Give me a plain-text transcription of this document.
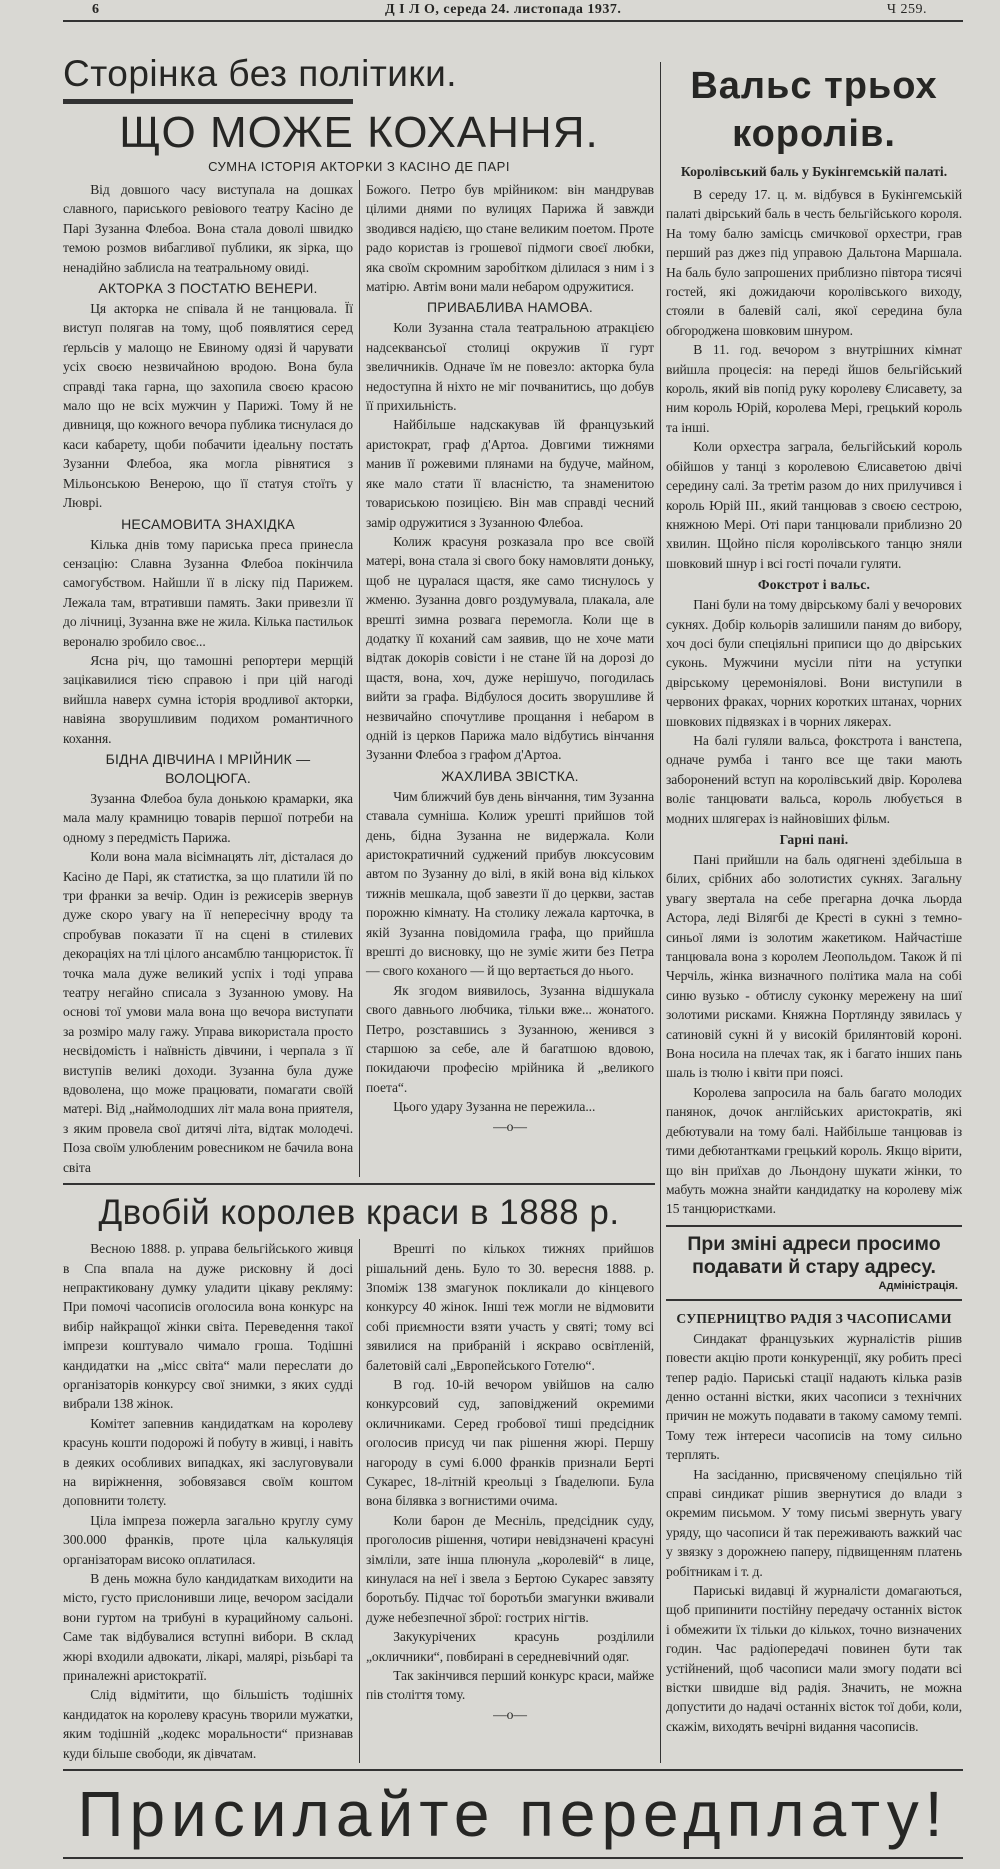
6	Д І Л О, середа 24. листопада 1937.	Ч 259.
Сторінка без політики.
ЩО МОЖЕ КОХАННЯ.
СУМНА ІСТОРІЯ АКТОРКИ З КАСІНО ДЕ ПАРІ

Від довшого часу виступала на дошках славного, париського ревіового театру Касіно де Парі Зузанна Флебоа. Вона стала доволі швидко темою розмов вибагливої публики, як зірка, що ненадійно заблисла на театральному овиді.

АКТОРКА З ПОСТАТЮ ВЕНЕРИ.

Ця акторка не співала й не танцювала. Її виступ полягав на тому, щоб появлятися серед ґерльсів у малощо не Евиному одязі й чарувати усіх своєю незвичайною вродою. Вона була справді така гарна, що захопила своєю красою мало що не всіх мужчин у Парижі. Тому й не дивниця, що кожного вечора публика тиснулася до каси кабарету, щоби побачити ідеальну постать Зузанни Флебоа, яка могла рівнятися з Мільонською Венерою, що її статуя стоїть у Люврі.

НЕСАМОВИТА ЗНАХІДКА

Кілька днів тому париська преса принесла сензацію: Славна Зузанна Флебоа покінчила самогубством. Найшли її в ліску під Парижем. Лежала там, втративши память. Заки привезли її до лічниці, Зузанна вже не жила. Кілька пастильок вероналю зробило своє...

Ясна річ, що тамошні репортери мерщій зацікавилися тією справою і при цій нагоді вийшла наверх сумна історія вродливої акторки, навіяна зворушливим подихом романтичного кохання.

БІДНА ДІВЧИНА І МРІЙНИК — ВОЛОЦЮГА.

Зузанна Флебоа була донькою крамарки, яка мала малу крамницю товарів першої потреби на одному з передмість Парижа.

Коли вона мала вісімнацять літ, дісталася до Касіно де Парі, як статистка, за що платили їй по три франки за вечір. Один із режисерів звернув дуже скоро увагу на її непересічну вроду та спробував показати її на сцені в стилевих декораціях на тлі цілого ансамблю танцюристок. Її точка мала дуже великий успіх і тоді управа театру негайно списала з Зузанною умову. На основі тої умови мала вона що вечора виступати за розміро малу гажу. Управа використала просто несвідомість і наївність дівчини, і черпала з її виступів великі доходи. Зузанна була дуже вдоволена, що може працювати, помагати своїй матері. Від „наймолодших літ мала вона приятеля, з яким провела свої дитячі літа, відтак молодечі. Поза своїм улюбленим ровесником не бачила вона світа

Божого. Петро був мрійником: він мандрував цілими днями по вулицях Парижа й завжди зводився надією, що стане великим поетом. Проте радо користав із грошевої підмоги своєї любки, яка своїм скромним заробітком ділилася з ним і з матірю. Автім вони мали небаром одружитися.

ПРИВАБЛИВА НАМОВА.

Коли Зузанна стала театральною атракцією надсеквансьої столиці окружив її гурт звеличників. Одначе їм не повезло: акторка була недоступна й ніхто не міг почванитись, що добув її прихильність.

Найбільше надскакував їй французький аристократ, граф д'Артоа. Довгими тижнями манив її рожевими плянами на будуче, майном, яке мало стати її власністю, та знаменитою товариською позицією. Він мав справді чесний замір одружитися з Зузанною Флебоа.

Колиж красуня розказала про все своїй матері, вона стала зі свого боку намовляти доньку, щоб не цуралася щастя, яке само тиснулось у жменю. Зузанна довго роздумувала, плакала, але врешті зимна розвага перемогла. Коли ще в додатку її коханий сам заявив, що не хоче мати відтак докорів совісти і не стане їй на дорозі до щастя, вона, хоч, дуже нерішучо, погодилась вийти за графа. Відбулося досить зворушливе й незвичайно спочутливе прощання і небаром в одній із церков Парижа мало відбутись вінчання Зузанни Флебоа з графом д'Артоа.

ЖАХЛИВА ЗВІСТКА.

Чим ближчий був день вінчання, тим Зузанна ставала сумніша. Колиж урешті прийшов той день, бідна Зузанна не видержала. Коли аристократичний суджений прибув люксусовим автом по Зузанну до вілі, в якій вона від кількох тижнів мешкала, щоб завезти її до церкви, застав порожню кімнату. На столику лежала карточка, в якій Зузанна повідомила графа, що прийшла врешті до висновку, що не зуміє жити без Петра — свого коханого — й що вертається до нього.

Як згодом виявилось, Зузанна відшукала свого давнього любчика, тільки вже... жонатого. Петро, розставшись з Зузанною, женився з старшою за себе, але й багатшою вдовою, покидаючи професію мрійника й „великого поета“.

Цього удару Зузанна не пережила...

—o—

Двобій королев краси в 1888 р.

Весною 1888. р. управа бельгійського живця в Спа впала на дуже рисковну й досі непрактиковану думку уладити цікаву рекляму: При помочі часописів оголосила вона конкурс на вибір найкращої жінки світа. Переведення такої імпрези коштувало чимало гроша. Тодішні кандидатки на „місс світа“ мали переслати до організаторів конкурсу свої знимки, з яких судді вибрали 138 жінок.

Комітет запевнив кандидаткам на королеву красунь кошти подорожі й побуту в живці, і навіть в деяких особливих випадках, які заслуговували на виріжнення, зобовязався своїм коштом доповнити толєту.

Ціла імпреза пожерла загально круглу суму 300.000 франків, проте ціла калькуляція організаторам високо оплатилася.

В день можна було кандидаткам виходити на місто, густо прислонивши лице, вечором засідали вони гуртом на трибуні в курацийному сальоні. Саме так відбувалися вступні вибори. В склад жюрі входили адвокати, лікарі, малярі, різьбарі та приналежні аристократії.

Слід відмітити, що більшість тодішніх кандидаток на королеву красунь творили мужатки, яким тодішній „кодекс моральности“ признавав куди більше свободи, як дівчатам.

Врешті по кількох тижнях прийшов рішальний день. Було то 30. вересня 1888. р. Зпоміж 138 змагунок покликали до кінцевого конкурсу 40 жінок. Інші теж могли не відмовити собі приємности взяти участь у святі; тому всі зявилися на прибраній і яскраво освітленій, балетовій салі „Европейського Готелю“.

В год. 10-ій вечором увійшов на салю конкурсовий суд, заповіджений окремими окличниками. Серед гробової тиші предсідник оголосив присуд чи пак рішення жюрі. Першу нагороду в сумі 6.000 франків признали Берті Сукарес, 18-літній креольці з Ґваделюпи. Була вона білявка з вогнистими очима.

Коли барон де Месніль, предсідник суду, проголосив рішення, чотири невідзначені красуні зімліли, зате інша плюнула „королевій“ в лице, кинулася на неї і звела з Бертою Сукарес завзяту боротьбу. Підчас тої боротьби змагунки вживали дуже небезпечної зброї: гострих нігтів.

Закукурічених красунь розділили „окличники“, повбирані в середневічний одяг.

Так закінчився перший конкурс краси, майже пів століття тому.

—o—

Вальс трьох королів.
Королівський баль у Букінгемській палаті.

В середу 17. ц. м. відбувся в Букінгемській палаті двірський баль в честь бельгійського короля. На тому балю замісць смичкової орхестри, грав перший раз джез під управою Дальтона Маршала. На баль було запрошених приблизно півтора тисячі гостей, які дожидаючи королівського виходу, стояли в балевій салі, якої середина була обгороджена шовковим шнуром.

В 11. год. вечором з внутрішних кімнат вийшла процесія: на переді йшов бельгійський король, який вів попід руку королеву Єлисавету, за ним король Юрій, королева Мері, грецький король та інші.

Коли орхестра заграла, бельгійський король обійшов у танці з королевою Єлисаветою двічі середину салі. За третім разом до них прилучився і король Юрій ІІІ., який танцював з своєю сестрою, княжною Мері. Оті пари танцювали приблизно 20 хвилин. Щойно після королівського танцю зняли шовковий шнур і всі гості почали гуляти.

Фокстрот і вальс.

Пані були на тому двірському балі у вечорових сукнях. Добір кольорів залишили паням до вибору, хоч досі були спеціяльні приписи що до двірських суконь. Мужчини мусіли піти на уступки двірському церемоніялові. Вони виступили в червоних фраках, чорних коротких штанах, чорних шовкових підвязках і в чорних лякерах.

На балі гуляли вальса, фокстрота і ванстепа, одначе румба і танго все ще таки мають заборонений вступ на королівський двір. Королева воліє танцювати вальса, король любується в модних шлягерах із найновіших фільм.

Гарні пані.

Пані прийшли на баль одягнені здебільша в білих, срібних або золотистих сукнях. Загальну увагу звертала на себе прегарна дочка льорда Астора, леді Вілягбі де Кресті в сукні з темно-синьої лями із золотим жакетиком. Найчастіше танцювала вона з королем Леопольдом. Також й пі Черчіль, жінка визначного політика мала на собі синю вузько - обтислу суконку мережену на шиї золотими рисками. Княжна Портлянду зявилась у сатиновій сукні й у високій брилянтовій короні. Вона носила на плечах так, як і багато інших пань шаль із тюлю і квіти при поясі.

Королева запросила на баль багато молодих панянок, дочок англійських аристократів, які дебютували на тому балі. Найбільше танцював із тими дебютантками грецький король. Якщо вірити, що він приїхав до Льондону шукати жінки, то мабуть можна знайти кандидатку на королеву між 15 танцюристками.

При зміні адреси просимо подавати й стару адресу.
Адміністрація.
СУПЕРНИЦТВО РАДІЯ З ЧАСОПИСАМИ

Синдакат французьких журналістів рішив повести акцію проти конкуренції, яку робить пресі тепер радіо. Париські стації надають кілька разів денно останні вістки, яких часописи з технічних причин не можуть подавати в такому самому темпі. Тому теж інтереси часописів на тому сильно терплять.

На засіданню, присвяченому спеціяльно тій справі синдикат рішив звернутися до влади з окремим письмом. У тому письмі звернуть увагу уряду, що часописи й так переживають важкий час у звязку з дорожнею паперу, підвищенням платень робітникам і т. д.

Париські видавці й журналісти домагаються, щоб припинити постійну передачу останніх вісток і обмежити їх тільки до кількох, точно визначених годин. Час радіопередачі повинен бути так устійнений, щоб часописи мали змогу подати всі вістки швидше від радія. Значить, не можна допустити до надачі останніх вісток тої доби, коли, скажім, виходять вечірні видання часописів.

Присилайте передплату!
